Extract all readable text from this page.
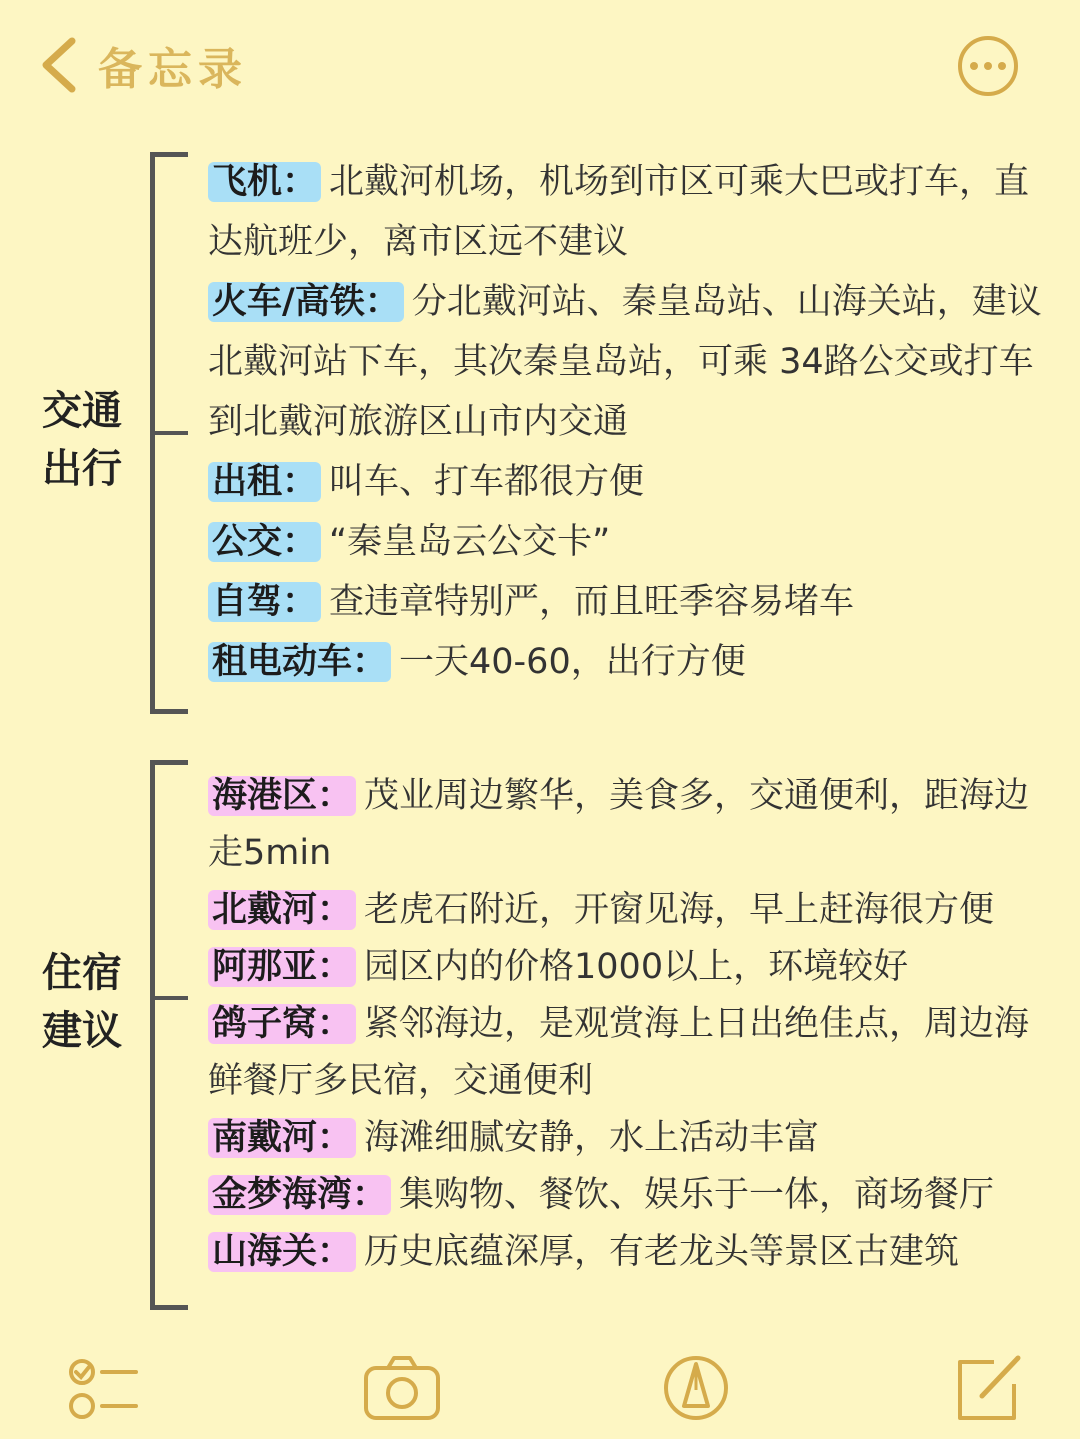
备忘录
交通
出行
飞机： 北戴河机场，机场到市区可乘大巴或打车，直达航班少，离市区远不建议
火车/高铁： 分北戴河站、秦皇岛站、山海关站，建议北戴河站下车，其次秦皇岛站，可乘 34路公交或打车到北戴河旅游区山市内交通
出租： 叫车、打车都很方便
公交： “秦皇岛云公交卡”
自驾： 查违章特别严，而且旺季容易堵车
租电动车： 一天40-60，出行方便
住宿
建议
海港区： 茂业周边繁华，美食多，交通便利，距海边走5min
北戴河： 老虎石附近，开窗见海，早上赶海很方便
阿那亚： 园区内的价格1000以上，环境较好
鸽子窝： 紧邻海边，是观赏海上日出绝佳点，周边海鲜餐厅多民宿，交通便利
南戴河： 海滩细腻安静，水上活动丰富
金梦海湾： 集购物、餐饮、娱乐于一体，商场餐厅
山海关： 历史底蕴深厚，有老龙头等景区古建筑
